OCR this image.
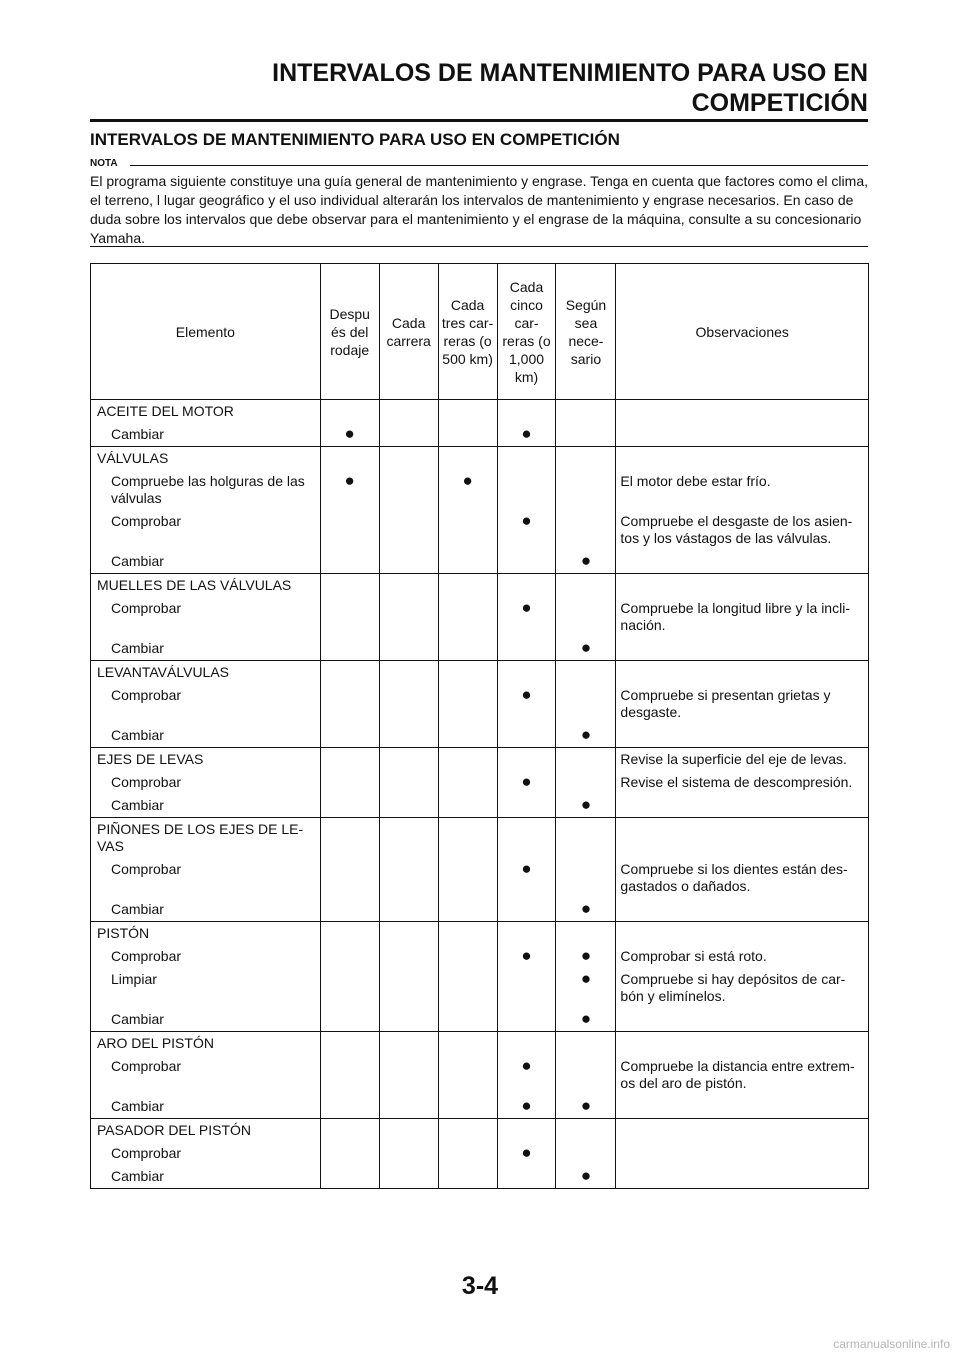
INTERVALOS DE MANTENIMIENTO PARA USO EN
COMPETICIÓN
INTERVALOS DE MANTENIMIENTO PARA USO EN COMPETICIÓN
NOTA
El programa siguiente constituye una guía general de mantenimiento y engrase. Tenga en cuenta que factores como el clima, el terreno, l lugar geográfico y el uso individual alterarán los intervalos de mantenimiento y engrase necesarios. En caso de duda sobre los intervalos que debe observar para el mantenimiento y el engrase de la máquina, consulte a su concesionario Yamaha.
Elemento	Despu és del rodaje	Cada carrera	Cada tres car- reras (o 500 km)	Cada cinco car- reras (o 1,000 km)	Según sea nece- sario	Observaciones
ACEITE DEL MOTOR						
Cambiar	●			●		
VÁLVULAS						
Compruebe las holguras de las válvulas	●		●			El motor debe estar frío.
Comprobar				●		Compruebe el desgaste de los asien- tos y los vástagos de las válvulas.
Cambiar					●	
MUELLES DE LAS VÁLVULAS						
Comprobar				●		Compruebe la longitud libre y la incli- nación.
Cambiar					●	
LEVANTAVÁLVULAS						
Comprobar				●		Compruebe si presentan grietas y desgaste.
Cambiar					●	
EJES DE LEVAS						Revise la superficie del eje de levas.
Comprobar				●		Revise el sistema de descompresión.
Cambiar					●	
PIÑONES DE LOS EJES DE LE- VAS						
Comprobar				●		Compruebe si los dientes están des- gastados o dañados.
Cambiar					●	
PISTÓN						
Comprobar				●	●	Comprobar si está roto.
Limpiar					●	Compruebe si hay depósitos de car- bón y elimínelos.
Cambiar					●	
ARO DEL PISTÓN						
Comprobar				●		Compruebe la distancia entre extrem- os del aro de pistón.
Cambiar				●	●	
PASADOR DEL PISTÓN						
Comprobar				●		
Cambiar					●	
3-4
carmanualsonline.info
